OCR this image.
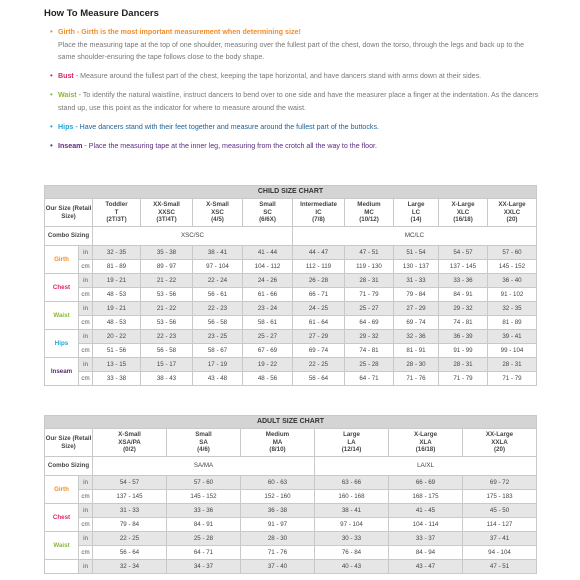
How To Measure Dancers
• Girth - Girth is the most important measurement when determining size!
Place the measuring tape at the top of one shoulder, measuring over the fullest part of the chest, down the torso, through the legs and back up to the same shoulder-ensuring the tape follows close to the body shape.
• Bust - Measure around the fullest part of the chest, keeping the tape horizontal, and have dancers stand with arms down at their sides.
• Waist - To identify the natural waistline, instruct dancers to bend over to one side and have the measurer place a finger at the indentation. As the dancers stand up, use this point as the indicator for where to measure around the waist.
• Hips - Have dancers stand with their feet together and measure around the fullest part of the buttocks.
• Inseam - Place the measuring tape at the inner leg, measuring from the crotch all the way to the floor.
CHILD SIZE CHART										
Our Size (Retail Size)		Toddler
T
(2T/3T)	XX-Small
XXSC
(3T/4T)	X-Small
XSC
(4/5)	Small
SC
(6/6X)	Intermediate
IC
(7/8)	Medium
MC
(10/12)	Large
LC
(14)	X-Large
XLC
(16/18)	XX-Large
XXLC
(20)
Combo Sizing		XSC/SC				MC/LC				
Girth	in	32 - 35	35 - 38	38 - 41	41 - 44	44 - 47	47 - 51	51 - 54	54 - 57	57 - 60
	cm	81 - 89	89 - 97	97 - 104	104 - 112	112 - 119	119 - 130	130 - 137	137 - 145	145 - 152
Chest	in	19 - 21	21 - 22	22 - 24	24 - 26	26 - 28	28 - 31	31 - 33	33 - 36	36 - 40
	cm	48 - 53	53 - 56	56 - 61	61 - 66	66 - 71	71 - 79	79 - 84	84 - 91	91 - 102
Waist	in	19 - 21	21 - 22	22 - 23	23 - 24	24 - 25	25 - 27	27 - 29	29 - 32	32 - 35
	cm	48 - 53	53 - 56	56 - 58	58 - 61	61 - 64	64 - 69	69 - 74	74 - 81	81 - 89
Hips	in	20 - 22	22 - 23	23 - 25	25 - 27	27 - 29	29 - 32	32 - 36	36 - 39	39 - 41
	cm	51 - 56	56 - 58	58 - 67	67 - 69	69 - 74	74 - 81	81 - 91	91 - 99	99 - 104
Inseam	in	13 - 15	15 - 17	17 - 19	19 - 22	22 - 25	25 - 28	28 - 30	28 - 31	28 - 31
	cm	33 - 38	38 - 43	43 - 48	48 - 56	56 - 64	64 - 71	71 - 76	71 - 79	71 - 79
ADULT SIZE CHART							
Our Size (Retail Size)		X-Small
XSA/PA
(0/2)	Small
SA
(4/6)	Medium
MA
(8/10)	Large
LA
(12/14)	X-Large
XLA
(16/18)	XX-Large
XXLA
(20)
Combo Sizing		SA/MA			LA/XL		
Girth	in	54 - 57	57 - 60	60 - 63	63 - 66	66 - 69	69 - 72
	cm	137 - 145	145 - 152	152 - 160	160 - 168	168 - 175	175 - 183
Chest	in	31 - 33	33 - 36	36 - 38	38 - 41	41 - 45	45 - 50
	cm	79 - 84	84 - 91	91 - 97	97 - 104	104 - 114	114 - 127
Waist	in	22 - 25	25 - 28	28 - 30	30 - 33	33 - 37	37 - 41
	cm	56 - 64	64 - 71	71 - 76	76 - 84	84 - 94	94 - 104
	in	32 - 34	34 - 37	37 - 40	40 - 43	43 - 47	47 - 51
